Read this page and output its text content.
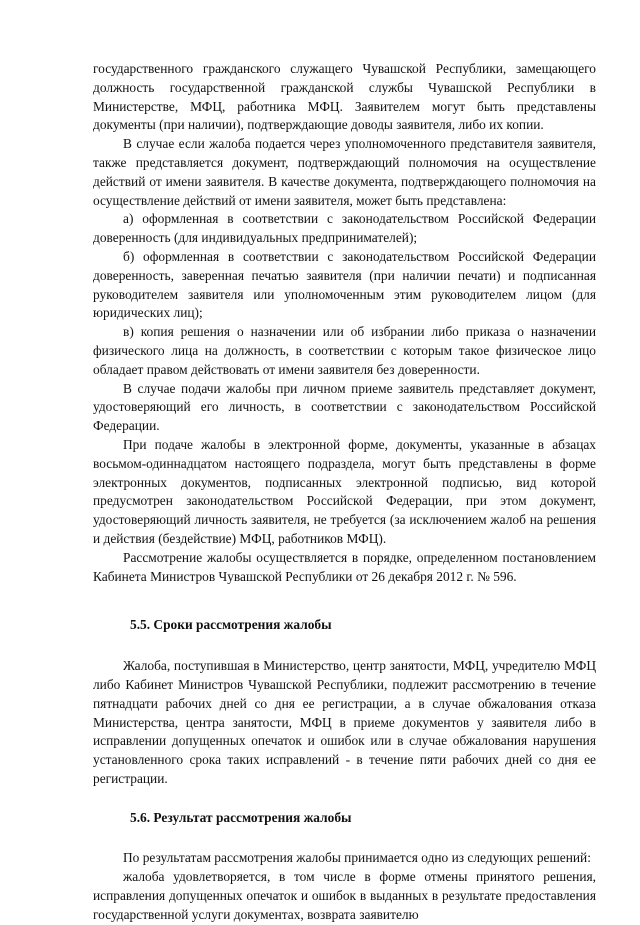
государственного гражданского служащего Чувашской Республики, замещающего должность государственной гражданской службы Чувашской Республики в Министерстве, МФЦ, работника МФЦ. Заявителем могут быть представлены документы (при наличии), подтверждающие доводы заявителя, либо их копии.

В случае если жалоба подается через уполномоченного представителя заявителя, также представляется документ, подтверждающий полномочия на осуществление действий от имени заявителя. В качестве документа, подтверждающего полномочия на осуществление действий от имени заявителя, может быть представлена:

а) оформленная в соответствии с законодательством Российской Федерации доверенность (для индивидуальных предпринимателей);

б) оформленная в соответствии с законодательством Российской Федерации доверенность, заверенная печатью заявителя (при наличии печати) и подписанная руководителем заявителя или уполномоченным этим руководителем лицом (для юридических лиц);

в) копия решения о назначении или об избрании либо приказа о назначении физического лица на должность, в соответствии с которым такое физическое лицо обладает правом действовать от имени заявителя без доверенности.

В случае подачи жалобы при личном приеме заявитель представляет документ, удостоверяющий его личность, в соответствии с законодательством Российской Федерации.

При подаче жалобы в электронной форме, документы, указанные в абзацах восьмом-одиннадцатом настоящего подраздела, могут быть представлены в форме электронных документов, подписанных электронной подписью, вид которой предусмотрен законодательством Российской Федерации, при этом документ, удостоверяющий личность заявителя, не требуется (за исключением жалоб на решения и действия (бездействие) МФЦ, работников МФЦ).

Рассмотрение жалобы осуществляется в порядке, определенном постановлением Кабинета Министров Чувашской Республики от 26 декабря 2012 г. № 596.

5.5. Сроки рассмотрения жалобы

Жалоба, поступившая в Министерство, центр занятости, МФЦ, учредителю МФЦ либо Кабинет Министров Чувашской Республики, подлежит рассмотрению в течение пятнадцати рабочих дней со дня ее регистрации, а в случае обжалования отказа Министерства, центра занятости, МФЦ в приеме документов у заявителя либо в исправлении допущенных опечаток и ошибок или в случае обжалования нарушения установленного срока таких исправлений - в течение пяти рабочих дней со дня ее регистрации.

5.6. Результат рассмотрения жалобы

По результатам рассмотрения жалобы принимается одно из следующих решений:

жалоба удовлетворяется, в том числе в форме отмены принятого решения, исправления допущенных опечаток и ошибок в выданных в результате предоставления государственной услуги документах, возврата заявителю
